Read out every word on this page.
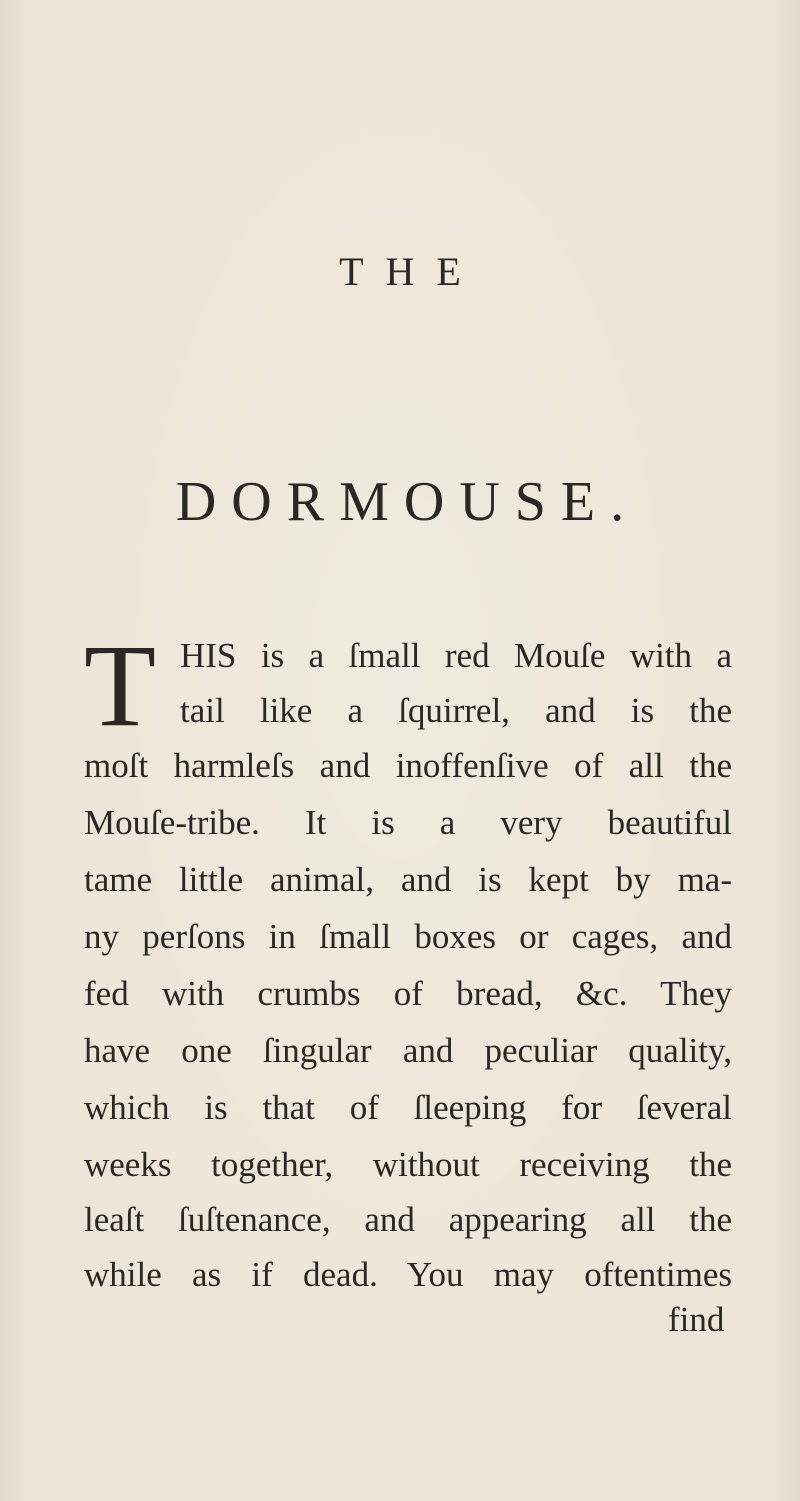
THE
DORMOUSE.
T HIS is a ſmall red Mouſe with a
tail like a ſquirrel, and is the
moſt harmleſs and inoffenſive of all the
Mouſe-tribe. It is a very beautiful
tame little animal, and is kept by ma-
ny perſons in ſmall boxes or cages, and
fed with crumbs of bread, &c. They
have one ſingular and peculiar quality,
which is that of ſleeping for ſeveral
weeks together, without receiving the
leaſt ſuſtenance, and appearing all the
while as if dead. You may oftentimes
find
